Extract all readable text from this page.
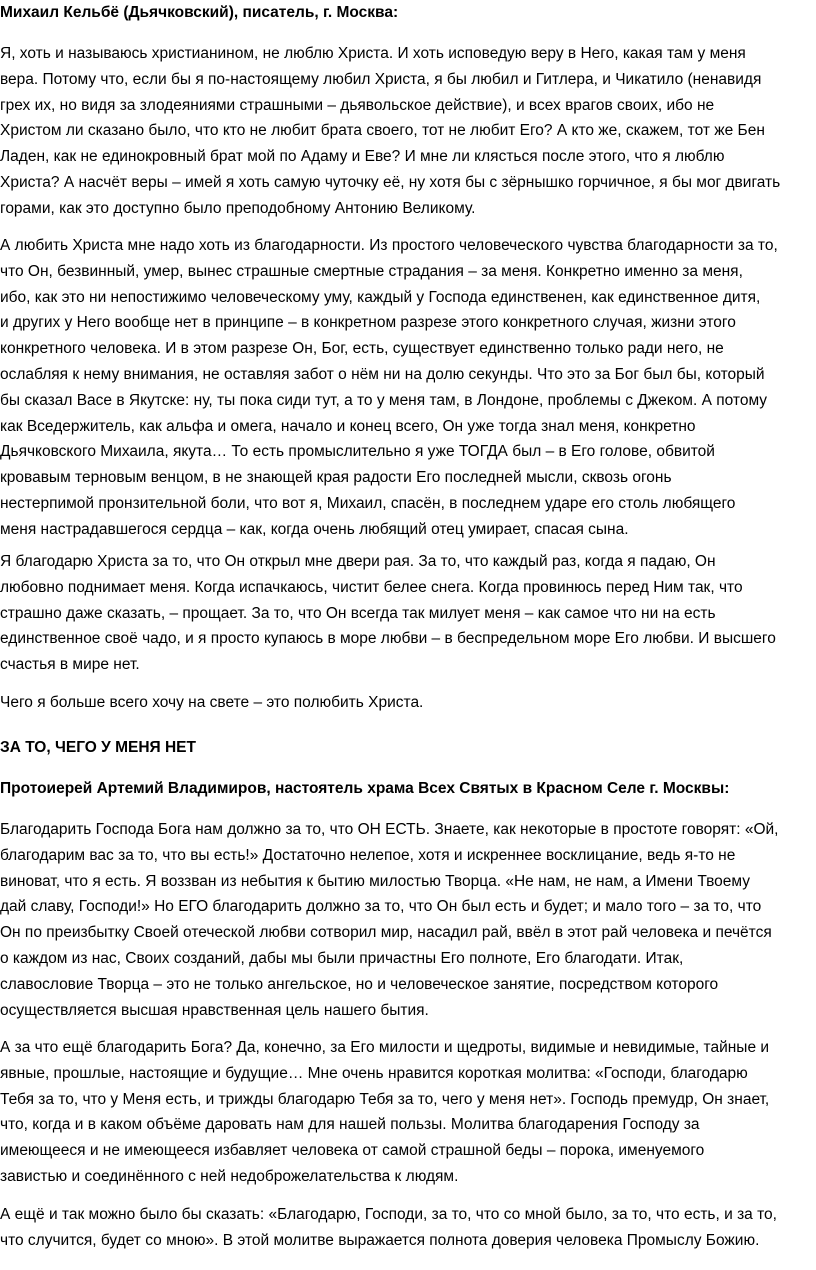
Михаил Кельбё (Дьячковский), писатель, г. Москва:
Я, хоть и называюсь христианином, не люблю Христа. И хоть исповедую веру в Него, какая там у меня
вера. Потому что, если бы я по-настоящему любил Христа, я бы любил и Гитлера, и Чикатило (ненавидя
грех их, но видя за злодеяниями страшными – дьявольское действие), и всех врагов своих, ибо не
Христом ли сказано было, что кто не любит брата своего, тот не любит Его? А кто же, скажем, тот же Бен
Ладен, как не единокровный брат мой по Адаму и Еве? И мне ли клясться после этого, что я люблю
Христа? А насчёт веры – имей я хоть самую чуточку её, ну хотя бы с зёрнышко горчичное, я бы мог двигать
горами, как это доступно было преподобному Антонию Великому.
А любить Христа мне надо хоть из благодарности. Из простого человеческого чувства благодарности за то,
что Он, безвинный, умер, вынес страшные смертные страдания – за меня. Конкретно именно за меня,
ибо, как это ни непостижимо человеческому уму, каждый у Господа единственен, как единственное дитя,
и других у Него вообще нет в принципе – в конкретном разрезе этого конкретного случая, жизни этого
конкретного человека. И в этом разрезе Он, Бог, есть, существует единственно только ради него, не
ослабляя к нему внимания, не оставляя забот о нём ни на долю секунды. Что это за Бог был бы, который
бы сказал Васе в Якутске: ну, ты пока сиди тут, а то у меня там, в Лондоне, проблемы с Джеком. А потому
как Вседержитель, как альфа и омега, начало и конец всего, Он уже тогда знал меня, конкретно
Дьячковского Михаила, якута… То есть промыслительно я уже ТОГДА был – в Его голове, обвитой
кровавым терновым венцом, в не знающей края радости Его последней мысли, сквозь огонь
нестерпимой пронзительной боли, что вот я, Михаил, спасён, в последнем ударе его столь любящего
меня настрадавшегося сердца – как, когда очень любящий отец умирает, спасая сына.
Я благодарю Христа за то, что Он открыл мне двери рая. За то, что каждый раз, когда я падаю, Он
любовно поднимает меня. Когда испачкаюсь, чистит белее снега. Когда провинюсь перед Ним так, что
страшно даже сказать, – прощает. За то, что Он всегда так милует меня – как самое что ни на есть
единственное своё чадо, и я просто купаюсь в море любви – в беспредельном море Его любви. И высшего
счастья в мире нет.
Чего я больше всего хочу на свете – это полюбить Христа.
ЗА ТО, ЧЕГО У МЕНЯ НЕТ
Протоиерей Артемий Владимиров, настоятель храма Всех Святых в Красном Селе г. Москвы:
Благодарить Господа Бога нам должно за то, что ОН ЕСТЬ. Знаете, как некоторые в простоте говорят: «Ой,
благодарим вас за то, что вы есть!» Достаточно нелепое, хотя и искреннее восклицание, ведь я-то не
виноват, что я есть. Я воззван из небытия к бытию милостью Творца. «Не нам, не нам, а Имени Твоему
дай славу, Господи!» Но ЕГО благодарить должно за то, что Он был есть и будет; и мало того – за то, что
Он по преизбытку Своей отеческой любви сотворил мир, насадил рай, ввёл в этот рай человека и печётся
о каждом из нас, Своих созданий, дабы мы были причастны Его полноте, Его благодати. Итак,
славословие Творца – это не только ангельское, но и человеческое занятие, посредством которого
осуществляется высшая нравственная цель нашего бытия.
А за что ещё благодарить Бога? Да, конечно, за Его милости и щедроты, видимые и невидимые, тайные и
явные, прошлые, настоящие и будущие… Мне очень нравится короткая молитва: «Господи, благодарю
Тебя за то, что у Меня есть, и трижды благодарю Тебя за то, чего у меня нет». Господь премудр, Он знает,
что, когда и в каком объёме даровать нам для нашей пользы. Молитва благодарения Господу за
имеющееся и не имеющееся избавляет человека от самой страшной беды – порока, именуемого
завистью и соединённого с ней недоброжелательства к людям.
А ещё и так можно было бы сказать: «Благодарю, Господи, за то, что со мной было, за то, что есть, и за то,
что случится, будет со мною». В этой молитве выражается полнота доверия человека Промыслу Божию.
